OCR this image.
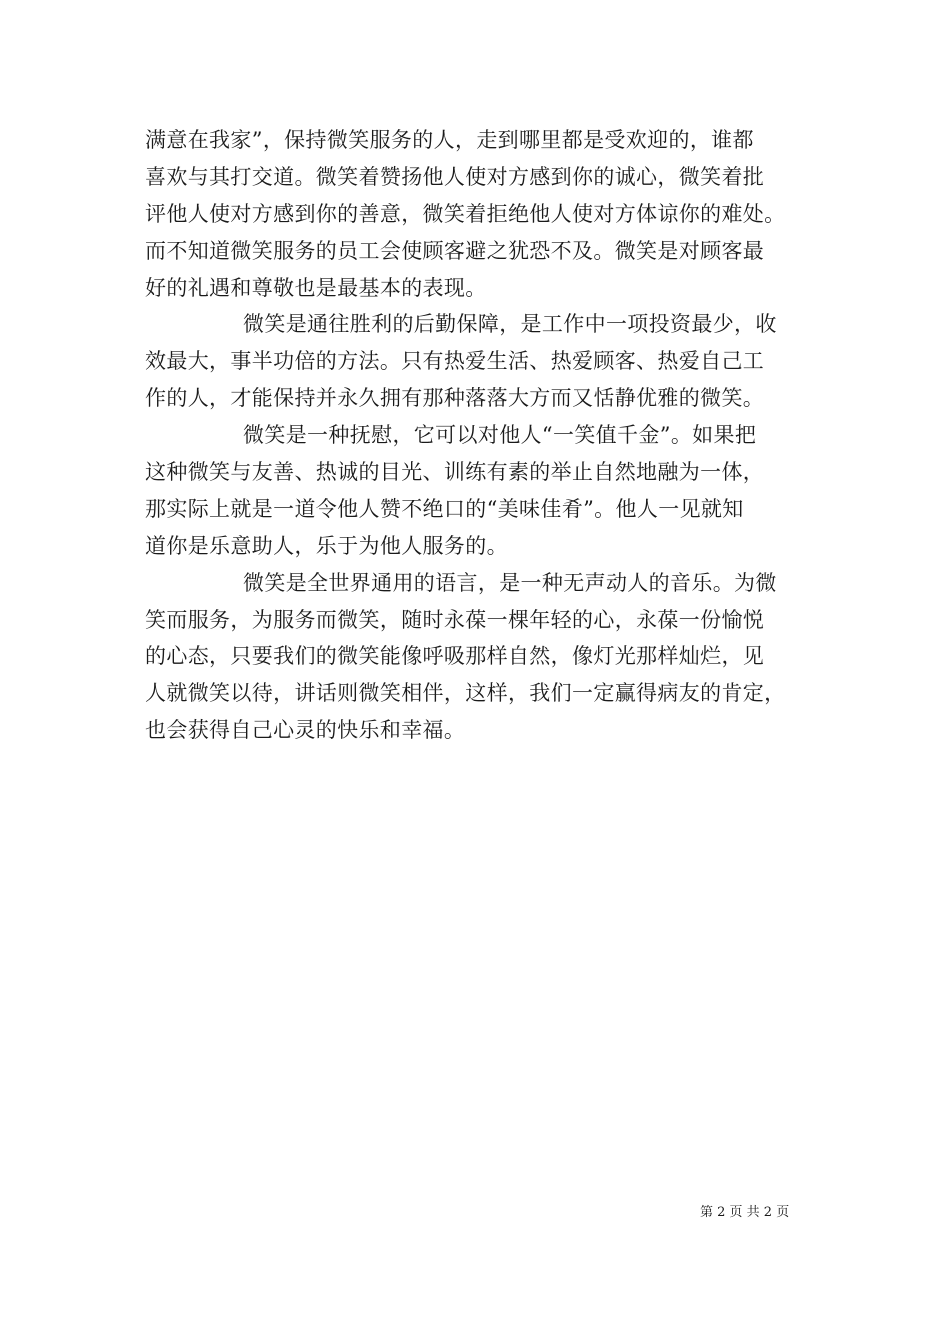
满意在我家”，保持微笑服务的人，走到哪里都是受欢迎的，谁都
喜欢与其打交道。微笑着赞扬他人使对方感到你的诚心，微笑着批
评他人使对方感到你的善意，微笑着拒绝他人使对方体谅你的难处。
而不知道微笑服务的员工会使顾客避之犹恐不及。微笑是对顾客最
好的礼遇和尊敬也是最基本的表现。
微笑是通往胜利的后勤保障，是工作中一项投资最少，收
效最大，事半功倍的方法。只有热爱生活、热爱顾客、热爱自己工
作的人，才能保持并永久拥有那种落落大方而又恬静优雅的微笑。
微笑是一种抚慰，它可以对他人“一笑值千金”。如果把
这种微笑与友善、热诚的目光、训练有素的举止自然地融为一体，
那实际上就是一道令他人赞不绝口的“美味佳肴”。他人一见就知
道你是乐意助人，乐于为他人服务的。
微笑是全世界通用的语言，是一种无声动人的音乐。为微
笑而服务，为服务而微笑，随时永葆一棵年轻的心，永葆一份愉悦
的心态，只要我们的微笑能像呼吸那样自然，像灯光那样灿烂，见
人就微笑以待，讲话则微笑相伴，这样，我们一定赢得病友的肯定，
也会获得自己心灵的快乐和幸福。
第 2 页 共 2 页
